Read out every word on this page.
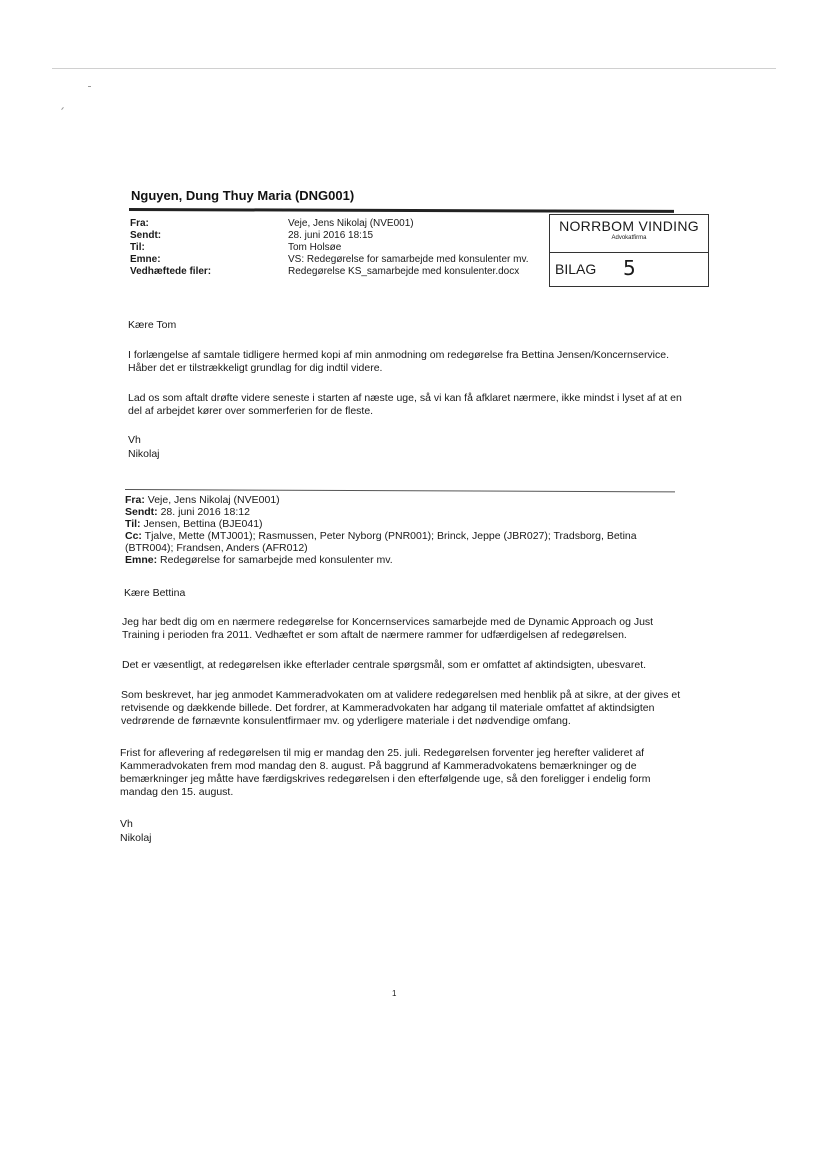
Nguyen, Dung Thuy Maria (DNG001)
Fra:	Veje, Jens Nikolaj (NVE001)
Sendt:	28. juni 2016 18:15
Til:	Tom Holsøe
Emne:	VS: Redegørelse for samarbejde med konsulenter mv.
Vedhæftede filer:	Redegørelse KS_samarbejde med konsulenter.docx
NORRBOM VINDING
Advokatfirma
BILAG 5
Kære Tom
I forlængelse af samtale tidligere hermed kopi af min anmodning om redegørelse fra Bettina Jensen/Koncernservice. Håber det er tilstrækkeligt grundlag for dig indtil videre.
Lad os som aftalt drøfte videre seneste i starten af næste uge, så vi kan få afklaret nærmere, ikke mindst i lyset af at en del af arbejdet kører over sommerferien for de fleste.
Vh
Nikolaj
Fra: Veje, Jens Nikolaj (NVE001)
Sendt: 28. juni 2016 18:12
Til: Jensen, Bettina (BJE041)
Cc: Tjalve, Mette (MTJ001); Rasmussen, Peter Nyborg (PNR001); Brinck, Jeppe (JBR027); Tradsborg, Betina (BTR004); Frandsen, Anders (AFR012)
Emne: Redegørelse for samarbejde med konsulenter mv.
Kære Bettina
Jeg har bedt dig om en nærmere redegørelse for Koncernservices samarbejde med de Dynamic Approach og Just Training i perioden fra 2011. Vedhæftet er som aftalt de nærmere rammer for udfærdigelsen af redegørelsen.
Det er væsentligt, at redegørelsen ikke efterlader centrale spørgsmål, som er omfattet af aktindsigten, ubesvaret.
Som beskrevet, har jeg anmodet Kammeradvokaten om at validere redegørelsen med henblik på at sikre, at der gives et retvisende og dækkende billede. Det fordrer, at Kammeradvokaten har adgang til materiale omfattet af aktindsigten vedrørende de førnævnte konsulentfirmaer mv. og yderligere materiale i det nødvendige omfang.
Frist for aflevering af redegørelsen til mig er mandag den 25. juli. Redegørelsen forventer jeg herefter valideret af Kammeradvokaten frem mod mandag den 8. august. På baggrund af Kammeradvokatens bemærkninger og de bemærkninger jeg måtte have færdigskrives redegørelsen i den efterfølgende uge, så den foreligger i endelig form mandag den 15. august.
Vh
Nikolaj
1
